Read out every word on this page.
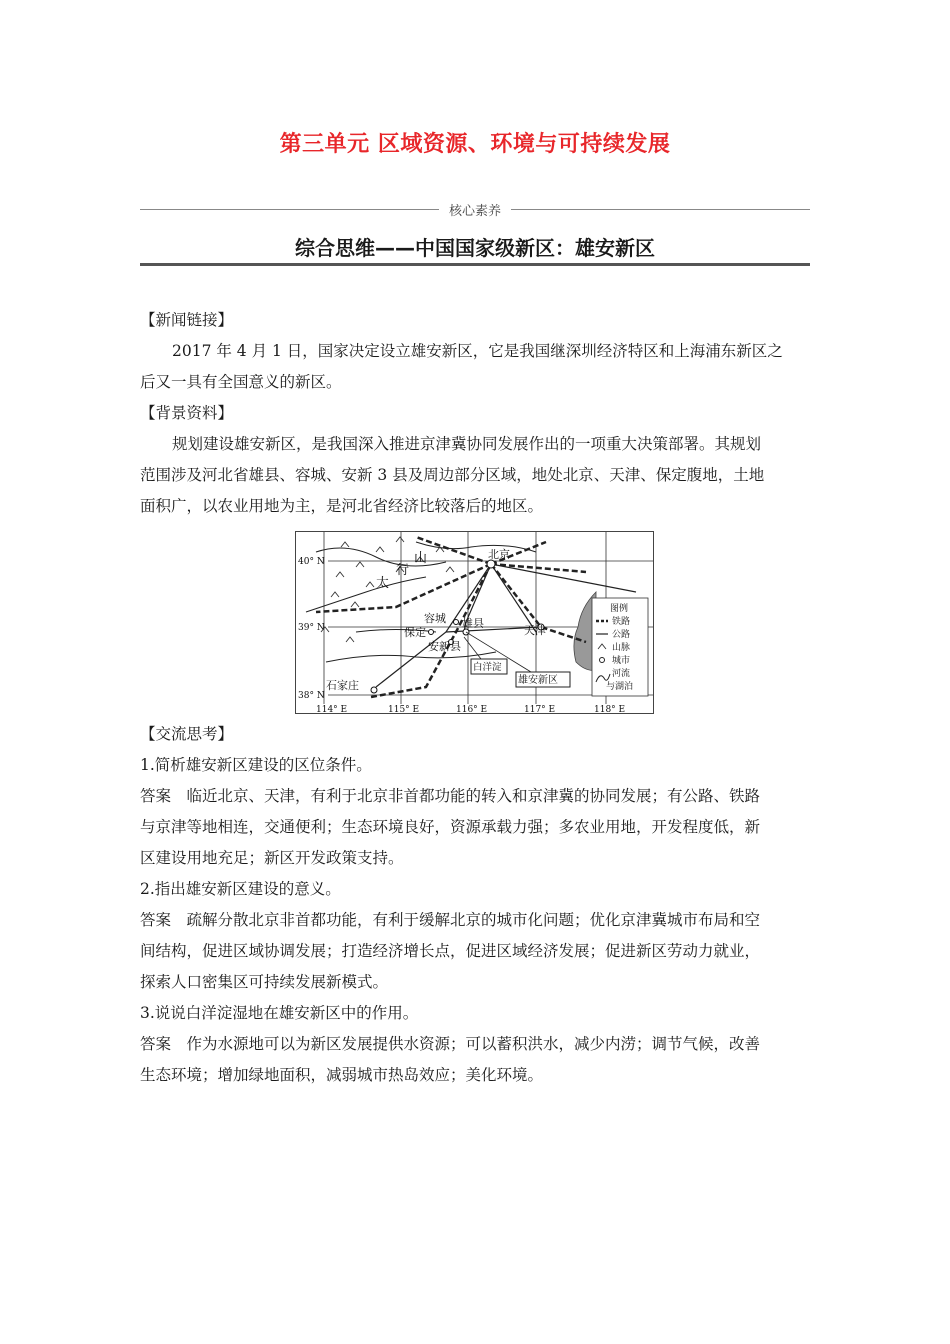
第三单元 区域资源、环境与可持续发展
核心素养
综合思维——中国国家级新区：雄安新区

【新闻链接】

2017 年 4 月 1 日，国家决定设立雄安新区，它是我国继深圳经济特区和上海浦东新区之

后又一具有全国意义的新区。

【背景资料】

规划建设雄安新区，是我国深入推进京津冀协同发展作出的一项重大决策部署。其规划

范围涉及河北省雄县、容城、安新 3 县及周边部分区域，地处北京、天津、保定腹地，土地

面积广，以农业用地为主，是河北省经济比较落后的地区。

40° N
39° N
38° N
114° E	115° E	116° E	117° E	118° E
太
行
山	北京
天津
容城 雄县
保定
安新县
石家庄
白洋淀
雄安新区
图例
铁路
公路
山脉
城市
河流
与湖泊

【交流思考】

1.简析雄安新区建设的区位条件。

答案　临近北京、天津，有利于北京非首都功能的转入和京津冀的协同发展；有公路、铁路

与京津等地相连，交通便利；生态环境良好，资源承载力强；多农业用地，开发程度低，新

区建设用地充足；新区开发政策支持。

2.指出雄安新区建设的意义。

答案　疏解分散北京非首都功能，有利于缓解北京的城市化问题；优化京津冀城市布局和空

间结构，促进区域协调发展；打造经济增长点，促进区域经济发展；促进新区劳动力就业，

探索人口密集区可持续发展新模式。

3.说说白洋淀湿地在雄安新区中的作用。

答案　作为水源地可以为新区发展提供水资源；可以蓄积洪水，减少内涝；调节气候，改善

生态环境；增加绿地面积，减弱城市热岛效应；美化环境。
